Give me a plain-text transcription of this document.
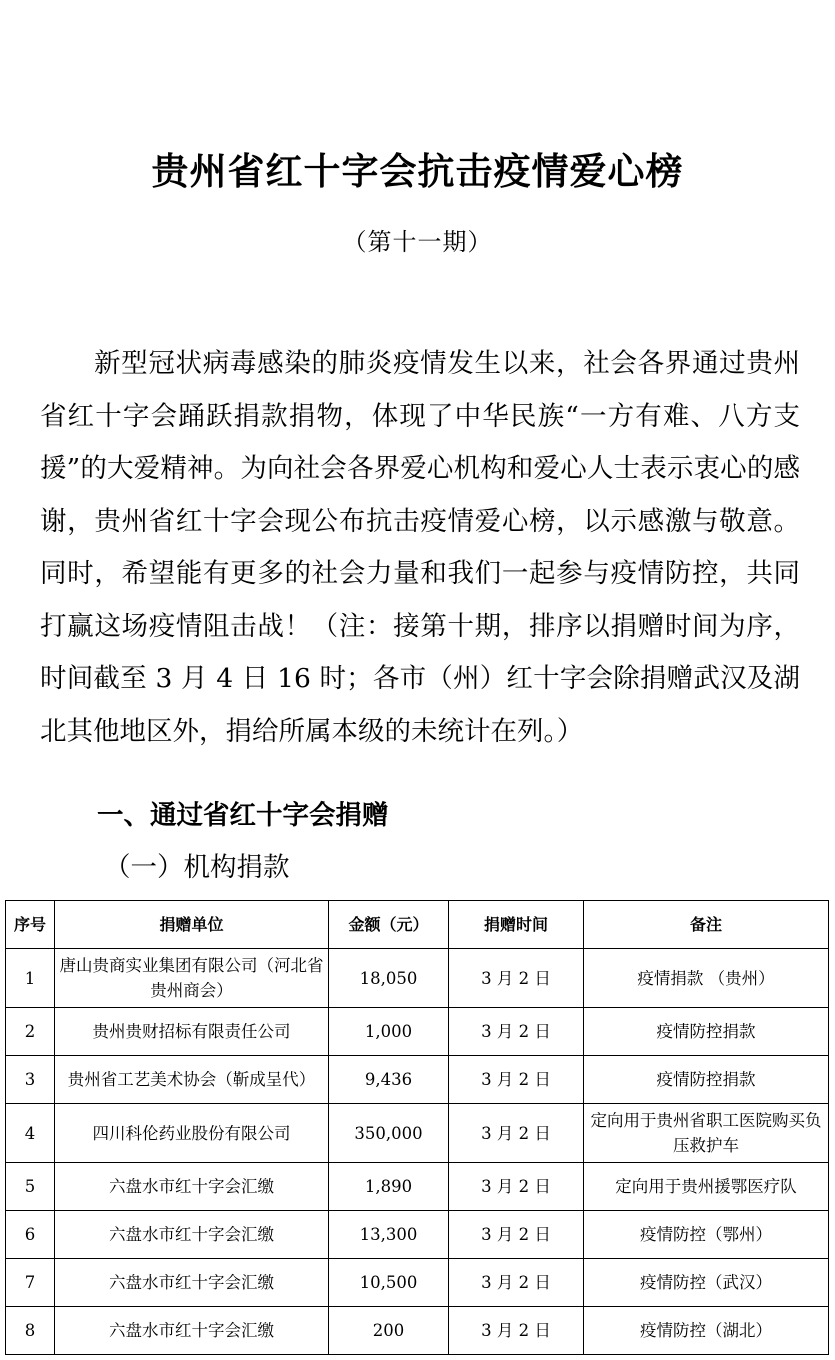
贵州省红十字会抗击疫情爱心榜
（第十一期）
新型冠状病毒感染的肺炎疫情发生以来，社会各界通过贵州省红十字会踊跃捐款捐物，体现了中华民族“一方有难、八方支援”的大爱精神。为向社会各界爱心机构和爱心人士表示衷心的感谢，贵州省红十字会现公布抗击疫情爱心榜，以示感激与敬意。同时，希望能有更多的社会力量和我们一起参与疫情防控，共同打赢这场疫情阻击战！（注：接第十期，排序以捐赠时间为序，时间截至 3 月 4 日 16 时；各市（州）红十字会除捐赠武汉及湖北其他地区外，捐给所属本级的未统计在列。）
一、通过省红十字会捐赠
（一）机构捐款
序号	捐赠单位	金额（元）	捐赠时间	备注
1	唐山贵商实业集团有限公司（河北省贵州商会）	18,050	3 月 2 日	疫情捐款 （贵州）
2	贵州贵财招标有限责任公司	1,000	3 月 2 日	疫情防控捐款
3	贵州省工艺美术协会（靳成呈代）	9,436	3 月 2 日	疫情防控捐款
4	四川科伦药业股份有限公司	350,000	3 月 2 日	定向用于贵州省职工医院购买负压救护车
5	六盘水市红十字会汇缴	1,890	3 月 2 日	定向用于贵州援鄂医疗队
6	六盘水市红十字会汇缴	13,300	3 月 2 日	疫情防控（鄂州）
7	六盘水市红十字会汇缴	10,500	3 月 2 日	疫情防控（武汉）
8	六盘水市红十字会汇缴	200	3 月 2 日	疫情防控（湖北）
